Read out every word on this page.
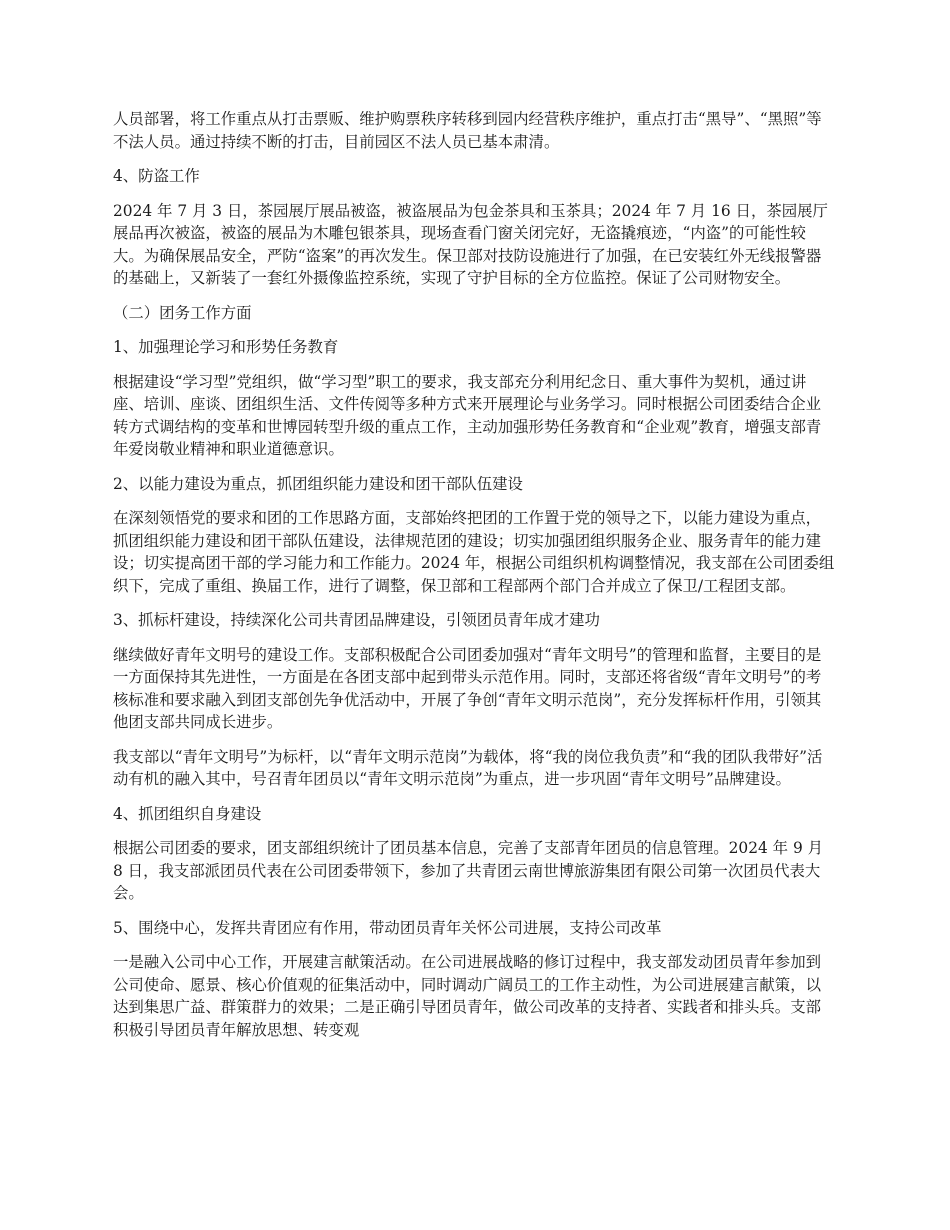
人员部署，将工作重点从打击票贩、维护购票秩序转移到园内经营秩序维护，重点打击“黑导”、“黑照”等不法人员。通过持续不断的打击，目前园区不法人员已基本肃清。

4、防盗工作

2024 年 7 月 3 日，茶园展厅展品被盗，被盗展品为包金茶具和玉茶具；2024 年 7 月 16 日，茶园展厅展品再次被盗，被盗的展品为木雕包银茶具，现场查看门窗关闭完好，无盗撬痕迹，“内盗”的可能性较大。为确保展品安全，严防“盗案”的再次发生。保卫部对技防设施进行了加强，在已安装红外无线报警器的基础上，又新装了一套红外摄像监控系统，实现了守护目标的全方位监控。保证了公司财物安全。

（二）团务工作方面

1、加强理论学习和形势任务教育

根据建设“学习型”党组织，做“学习型”职工的要求，我支部充分利用纪念日、重大事件为契机，通过讲座、培训、座谈、团组织生活、文件传阅等多种方式来开展理论与业务学习。同时根据公司团委结合企业转方式调结构的变革和世博园转型升级的重点工作，主动加强形势任务教育和“企业观”教育，增强支部青年爱岗敬业精神和职业道德意识。

2、以能力建设为重点，抓团组织能力建设和团干部队伍建设

在深刻领悟党的要求和团的工作思路方面，支部始终把团的工作置于党的领导之下，以能力建设为重点，抓团组织能力建设和团干部队伍建设，法律规范团的建设；切实加强团组织服务企业、服务青年的能力建设；切实提高团干部的学习能力和工作能力。2024 年，根据公司组织机构调整情况，我支部在公司团委组织下，完成了重组、换届工作，进行了调整，保卫部和工程部两个部门合并成立了保卫/工程团支部。

3、抓标杆建设，持续深化公司共青团品牌建设，引领团员青年成才建功

继续做好青年文明号的建设工作。支部积极配合公司团委加强对“青年文明号”的管理和监督，主要目的是一方面保持其先进性，一方面是在各团支部中起到带头示范作用。同时，支部还将省级“青年文明号”的考核标准和要求融入到团支部创先争优活动中，开展了争创“青年文明示范岗”，充分发挥标杆作用，引领其他团支部共同成长进步。

我支部以“青年文明号”为标杆，以“青年文明示范岗”为载体，将“我的岗位我负责”和“我的团队我带好”活动有机的融入其中，号召青年团员以“青年文明示范岗”为重点，进一步巩固“青年文明号”品牌建设。

4、抓团组织自身建设

根据公司团委的要求，团支部组织统计了团员基本信息，完善了支部青年团员的信息管理。2024 年 9 月 8 日，我支部派团员代表在公司团委带领下，参加了共青团云南世博旅游集团有限公司第一次团员代表大会。

5、围绕中心，发挥共青团应有作用，带动团员青年关怀公司进展，支持公司改革

一是融入公司中心工作，开展建言献策活动。在公司进展战略的修订过程中，我支部发动团员青年参加到公司使命、愿景、核心价值观的征集活动中，同时调动广阔员工的工作主动性，为公司进展建言献策，以达到集思广益、群策群力的效果；二是正确引导团员青年，做公司改革的支持者、实践者和排头兵。支部积极引导团员青年解放思想、转变观
